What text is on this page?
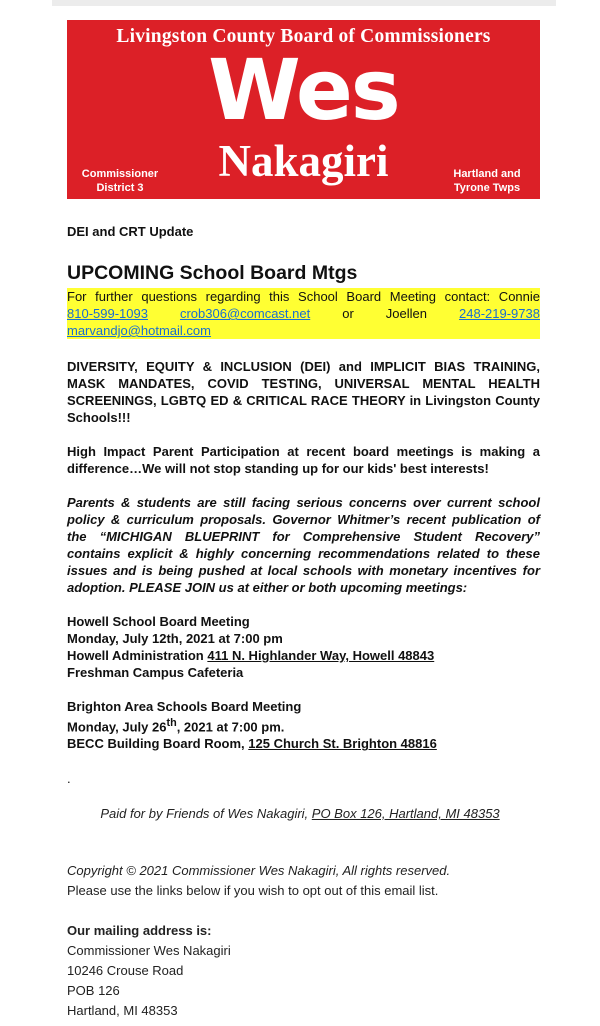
Livingston County Board of Commissioners
Wes
Nakagiri
Commissioner
District 3
Hartland and
Tyrone Twps
DEI and CRT Update
UPCOMING School Board Mtgs
For further questions regarding this School Board Meeting contact: Connie
810-599-1093 crob306@comcast.net or Joellen 248-219-9738
marvandjo@hotmail.com
DIVERSITY, EQUITY & INCLUSION (DEI) and IMPLICIT BIAS TRAINING, MASK MANDATES, COVID TESTING, UNIVERSAL MENTAL HEALTH SCREENINGS, LGBTQ ED & CRITICAL RACE THEORY in Livingston County Schools!!!
High Impact Parent Participation at recent board meetings is making a difference…We will not stop standing up for our kids' best interests!
Parents & students are still facing serious concerns over current school policy & curriculum proposals. Governor Whitmer’s recent publication of the “MICHIGAN BLUEPRINT for Comprehensive Student Recovery” contains explicit & highly concerning recommendations related to these issues and is being pushed at local schools with monetary incentives for adoption. PLEASE JOIN us at either or both upcoming meetings:
Howell School Board Meeting
Monday, July 12th, 2021 at 7:00 pm
Howell Administration 411 N. Highlander Way, Howell 48843
Freshman Campus Cafeteria
Brighton Area Schools Board Meeting
Monday, July 26th, 2021 at 7:00 pm.
BECC Building Board Room, 125 Church St. Brighton 48816
.
Paid for by Friends of Wes Nakagiri, PO Box 126, Hartland, MI 48353
Copyright © 2021 Commissioner Wes Nakagiri, All rights reserved.
Please use the links below if you wish to opt out of this email list.
Our mailing address is:
Commissioner Wes Nakagiri
10246 Crouse Road
POB 126
Hartland, MI 48353
